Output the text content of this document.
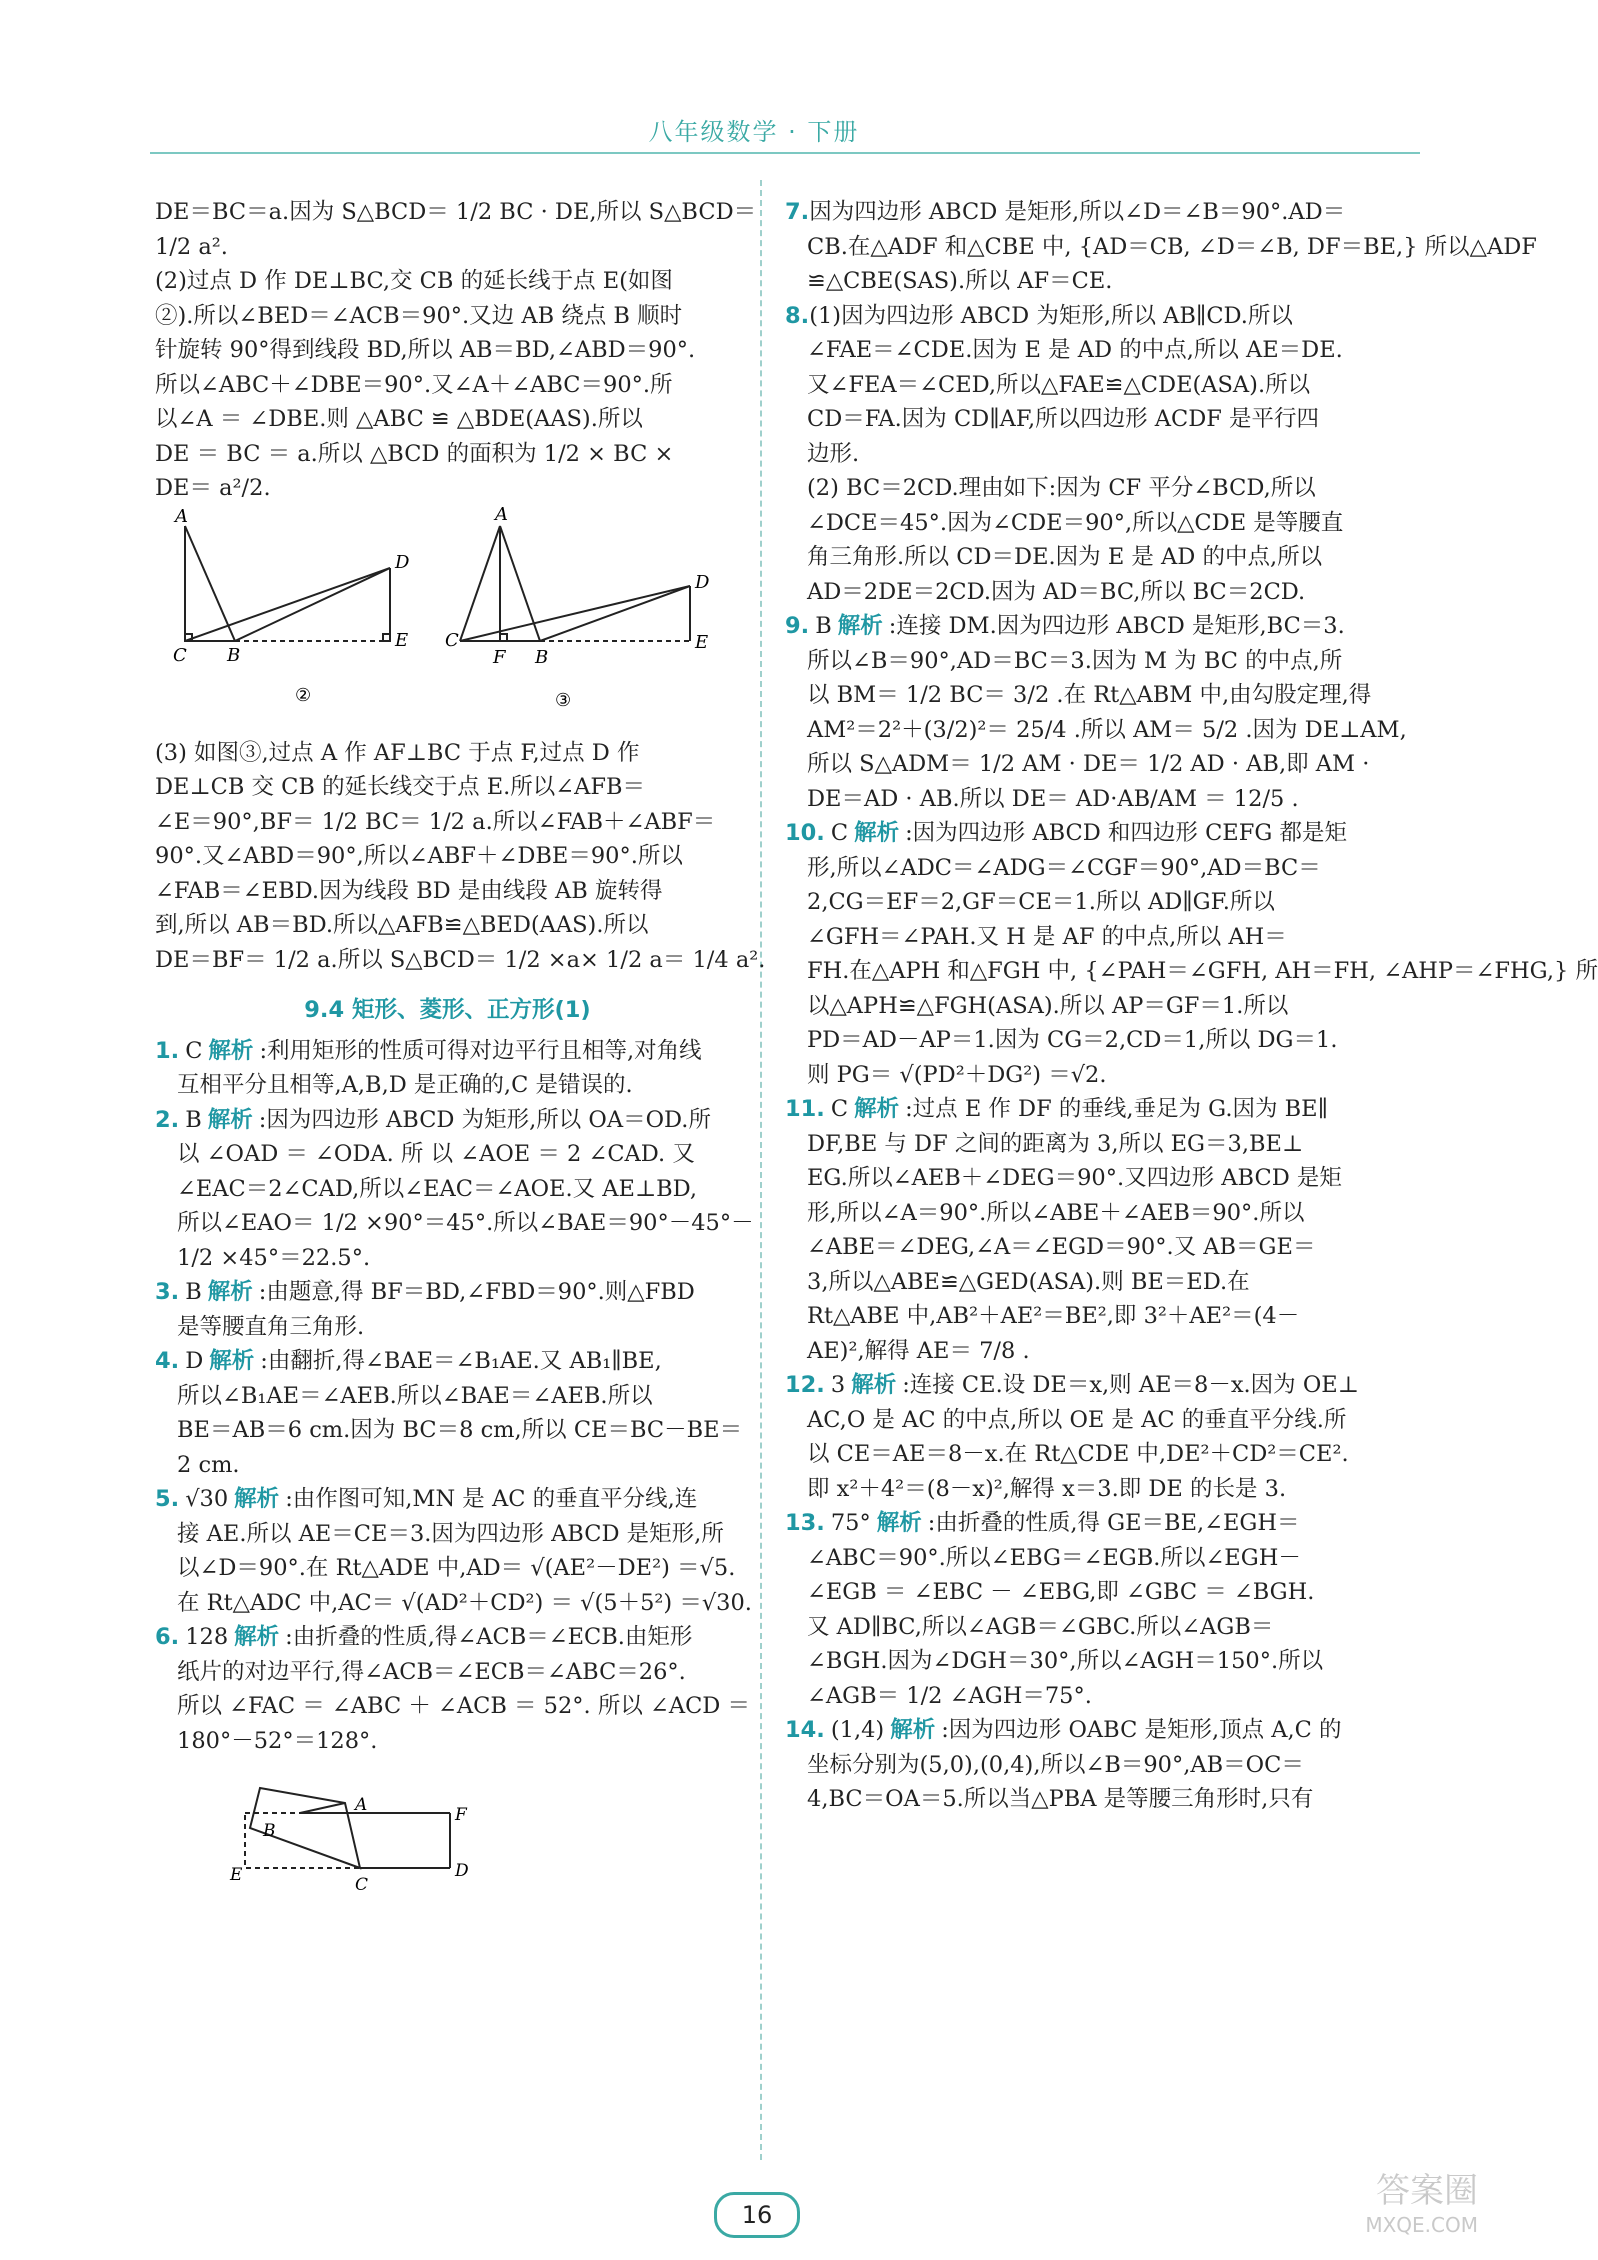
八年级数学 · 下册
DE＝BC＝a.因为 S△BCD＝ 1/2 BC · DE,所以 S△BCD＝
1/2 a².
(2)过点 D 作 DE⊥BC,交 CB 的延长线于点 E(如图
②).所以∠BED＝∠ACB＝90°.又边 AB 绕点 B 顺时
针旋转 90°得到线段 BD,所以 AB＝BD,∠ABD＝90°.
所以∠ABC＋∠DBE＝90°.又∠A＋∠ABC＝90°.所
以∠A ＝ ∠DBE.则 △ABC ≌ △BDE(AAS).所以
DE ＝ BC ＝ a.所以 △BCD 的面积为 1/2 × BC ×
DE＝ a²/2.
A
C B
D
E
②
A
C
F B
D
E
③
(3) 如图③,过点 A 作 AF⊥BC 于点 F,过点 D 作
DE⊥CB 交 CB 的延长线交于点 E.所以∠AFB＝
∠E＝90°,BF＝ 1/2 BC＝ 1/2 a.所以∠FAB＋∠ABF＝
90°.又∠ABD＝90°,所以∠ABF＋∠DBE＝90°.所以
∠FAB＝∠EBD.因为线段 BD 是由线段 AB 旋转得
到,所以 AB＝BD.所以△AFB≌△BED(AAS).所以
DE＝BF＝ 1/2 a.所以 S△BCD＝ 1/2 ×a× 1/2 a＝ 1/4 a².
9.4 矩形、菱形、正方形(1)
1. C 解析 :利用矩形的性质可得对边平行且相等,对角线
互相平分且相等,A,B,D 是正确的,C 是错误的.
2. B 解析 :因为四边形 ABCD 为矩形,所以 OA＝OD.所
以 ∠OAD ＝ ∠ODA. 所 以 ∠AOE ＝ 2 ∠CAD. 又
∠EAC＝2∠CAD,所以∠EAC＝∠AOE.又 AE⊥BD,
所以∠EAO＝ 1/2 ×90°＝45°.所以∠BAE＝90°－45°－
1/2 ×45°＝22.5°.
3. B 解析 :由题意,得 BF＝BD,∠FBD＝90°.则△FBD
是等腰直角三角形.
4. D 解析 :由翻折,得∠BAE＝∠B₁AE.又 AB₁∥BE,
所以∠B₁AE＝∠AEB.所以∠BAE＝∠AEB.所以
BE＝AB＝6 cm.因为 BC＝8 cm,所以 CE＝BC－BE＝
2 cm.
5. √30 解析 :由作图可知,MN 是 AC 的垂直平分线,连
接 AE.所以 AE＝CE＝3.因为四边形 ABCD 是矩形,所
以∠D＝90°.在 Rt△ADE 中,AD＝ √(AE²－DE²) ＝√5.
在 Rt△ADC 中,AC＝ √(AD²＋CD²) ＝ √(5＋5²) ＝√30.
6. 128 解析 :由折叠的性质,得∠ACB＝∠ECB.由矩形
纸片的对边平行,得∠ACB＝∠ECB＝∠ABC＝26°.
所以 ∠FAC ＝ ∠ABC ＋ ∠ACB ＝ 52°. 所以 ∠ACD ＝
180°－52°＝128°.
A
B
F
E	C
D
7.因为四边形 ABCD 是矩形,所以∠D＝∠B＝90°.AD＝
CB.在△ADF 和△CBE 中, {AD＝CB, ∠D＝∠B, DF＝BE,} 所以△ADF
≌△CBE(SAS).所以 AF＝CE.
8.(1)因为四边形 ABCD 为矩形,所以 AB∥CD.所以
∠FAE＝∠CDE.因为 E 是 AD 的中点,所以 AE＝DE.
又∠FEA＝∠CED,所以△FAE≌△CDE(ASA).所以
CD＝FA.因为 CD∥AF,所以四边形 ACDF 是平行四
边形.
(2) BC＝2CD.理由如下:因为 CF 平分∠BCD,所以
∠DCE＝45°.因为∠CDE＝90°,所以△CDE 是等腰直
角三角形.所以 CD＝DE.因为 E 是 AD 的中点,所以
AD＝2DE＝2CD.因为 AD＝BC,所以 BC＝2CD.
9. B 解析 :连接 DM.因为四边形 ABCD 是矩形,BC＝3.
所以∠B＝90°,AD＝BC＝3.因为 M 为 BC 的中点,所
以 BM＝ 1/2 BC＝ 3/2 .在 Rt△ABM 中,由勾股定理,得
AM²＝2²＋(3/2)²＝ 25/4 .所以 AM＝ 5/2 .因为 DE⊥AM,
所以 S△ADM＝ 1/2 AM · DE＝ 1/2 AD · AB,即 AM ·
DE＝AD · AB.所以 DE＝ AD·AB/AM ＝ 12/5 .
10. C 解析 :因为四边形 ABCD 和四边形 CEFG 都是矩
形,所以∠ADC＝∠ADG＝∠CGF＝90°,AD＝BC＝
2,CG＝EF＝2,GF＝CE＝1.所以 AD∥GF.所以
∠GFH＝∠PAH.又 H 是 AF 的中点,所以 AH＝
FH.在△APH 和△FGH 中, {∠PAH＝∠GFH, AH＝FH, ∠AHP＝∠FHG,} 所
以△APH≌△FGH(ASA).所以 AP＝GF＝1.所以
PD＝AD－AP＝1.因为 CG＝2,CD＝1,所以 DG＝1.
则 PG＝ √(PD²＋DG²) ＝√2.
11. C 解析 :过点 E 作 DF 的垂线,垂足为 G.因为 BE∥
DF,BE 与 DF 之间的距离为 3,所以 EG＝3,BE⊥
EG.所以∠AEB＋∠DEG＝90°.又四边形 ABCD 是矩
形,所以∠A＝90°.所以∠ABE＋∠AEB＝90°.所以
∠ABE＝∠DEG,∠A＝∠EGD＝90°.又 AB＝GE＝
3,所以△ABE≌△GED(ASA).则 BE＝ED.在
Rt△ABE 中,AB²＋AE²＝BE²,即 3²＋AE²＝(4－
AE)²,解得 AE＝ 7/8 .
12. 3 解析 :连接 CE.设 DE＝x,则 AE＝8－x.因为 OE⊥
AC,O 是 AC 的中点,所以 OE 是 AC 的垂直平分线.所
以 CE＝AE＝8－x.在 Rt△CDE 中,DE²＋CD²＝CE².
即 x²＋4²＝(8－x)²,解得 x＝3.即 DE 的长是 3.
13. 75° 解析 :由折叠的性质,得 GE＝BE,∠EGH＝
∠ABC＝90°.所以∠EBG＝∠EGB.所以∠EGH－
∠EGB ＝ ∠EBC － ∠EBG,即 ∠GBC ＝ ∠BGH.
又 AD∥BC,所以∠AGB＝∠GBC.所以∠AGB＝
∠BGH.因为∠DGH＝30°,所以∠AGH＝150°.所以
∠AGB＝ 1/2 ∠AGH＝75°.
14. (1,4) 解析 :因为四边形 OABC 是矩形,顶点 A,C 的
坐标分别为(5,0),(0,4),所以∠B＝90°,AB＝OC＝
4,BC＝OA＝5.所以当△PBA 是等腰三角形时,只有
16
答案圈
MXQE.COM
